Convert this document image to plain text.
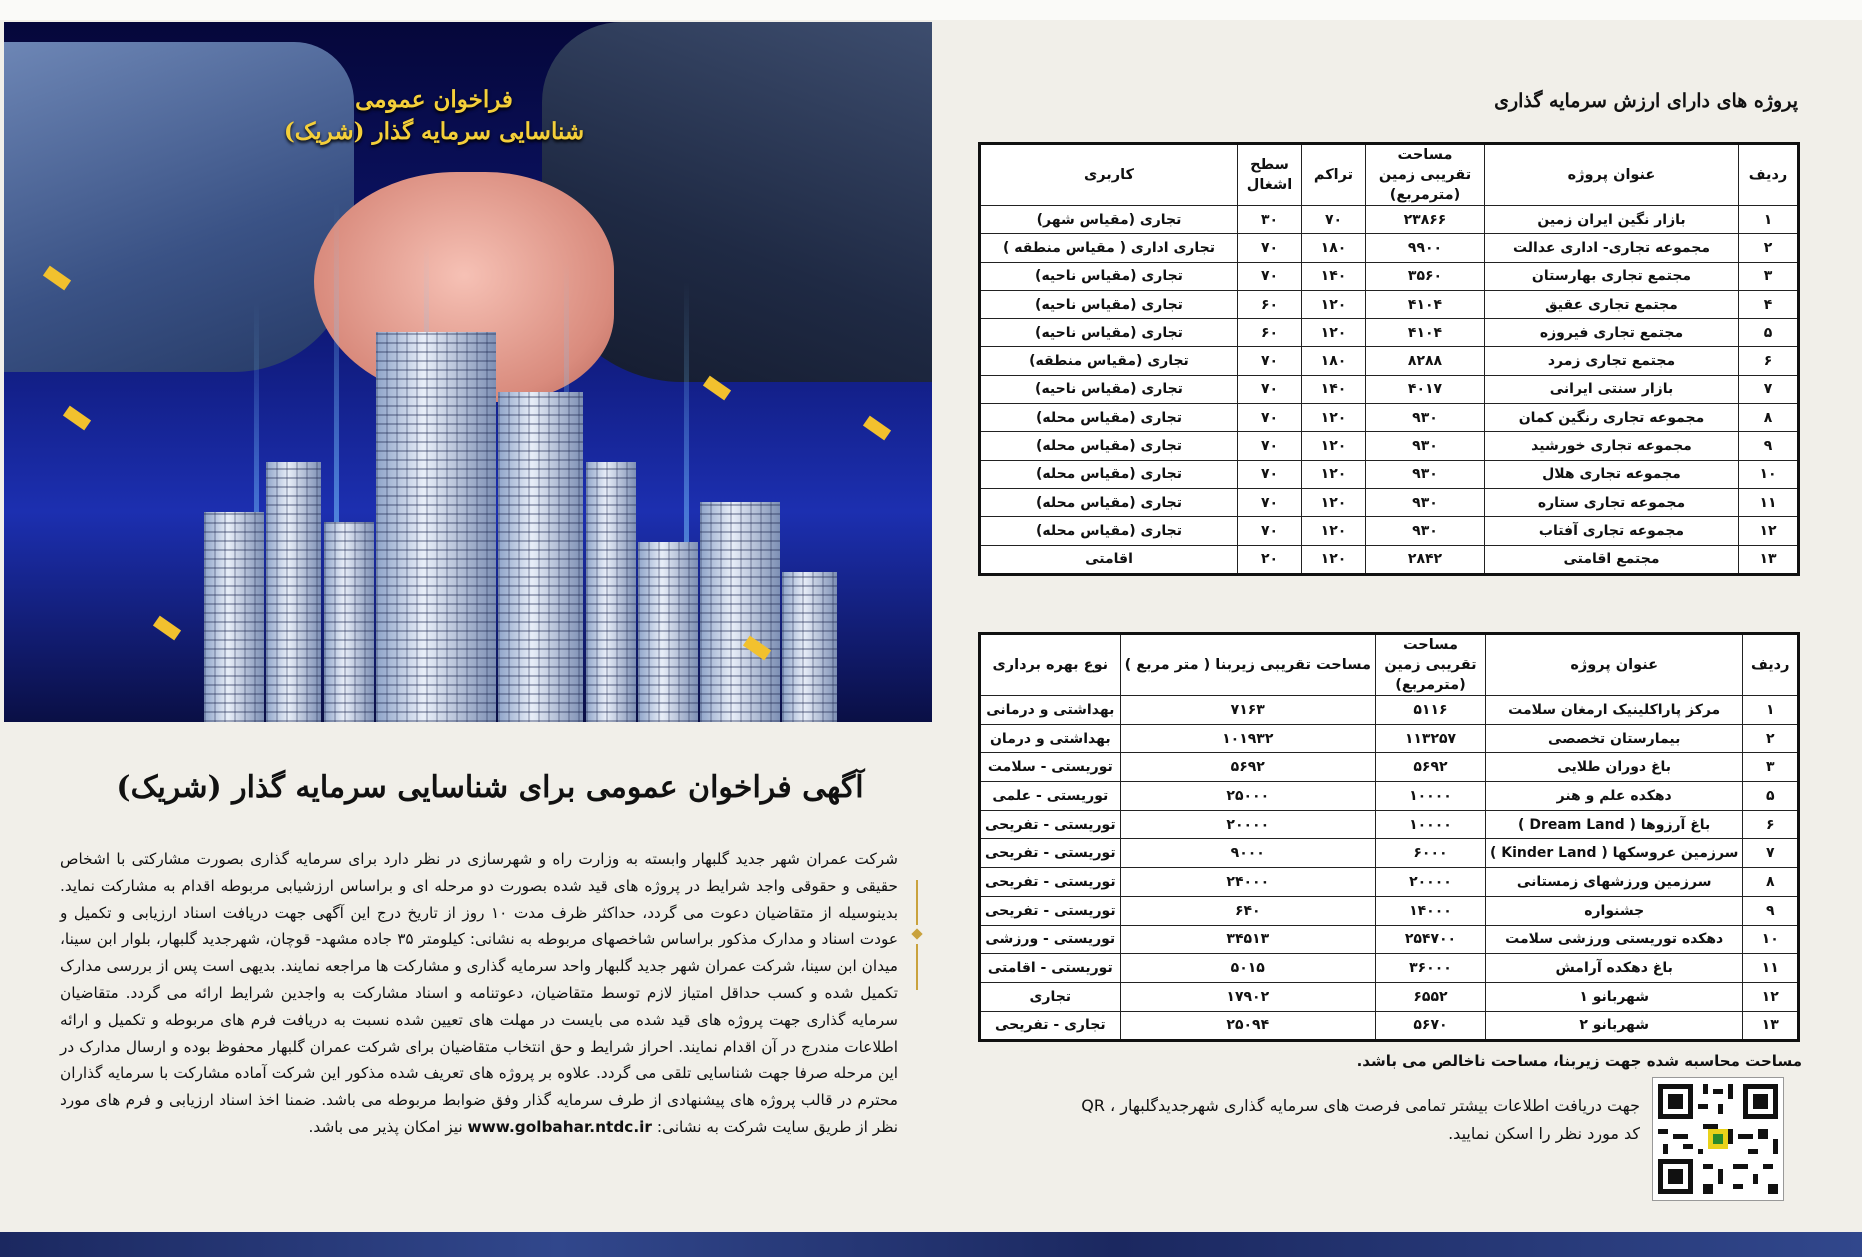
فراخوان عمومی
شناسایی سرمایه گذار (شریک)
آگهی فراخوان عمومی برای شناسایی سرمایه گذار (شریک)
شرکت عمران شهر جدید گلبهار وابسته به وزارت راه و شهرسازی در نظر دارد برای سرمایه گذاری بصورت مشارکتی با اشخاص حقیقی و حقوقی واجد شرایط در پروژه های قید شده بصورت دو مرحله ای و براساس ارزشیابی مربوطه اقدام به مشارکت نماید. بدینوسیله از متقاضیان دعوت می گردد، حداکثر ظرف مدت ۱۰ روز از تاریخ درج این آگهی جهت دریافت اسناد ارزیابی و تکمیل و عودت اسناد و مدارک مذکور براساس شاخصهای مربوطه به نشانی: کیلومتر ۳۵ جاده مشهد- قوچان، شهرجدید گلبهار، بلوار ابن سینا، میدان ابن سینا، شرکت عمران شهر جدید گلبهار واحد سرمایه گذاری و مشارکت ها مراجعه نمایند. بدیهی است پس از بررسی مدارک تکمیل شده و کسب حداقل امتیاز لازم توسط متقاضیان، دعوتنامه و اسناد مشارکت به واجدین شرایط ارائه می گردد. متقاضیان سرمایه گذاری جهت پروژه های قید شده می بایست در مهلت های تعیین شده نسبت به دریافت فرم های مربوطه و تکمیل و ارائه اطلاعات مندرج در آن اقدام نمایند. احراز شرایط و حق انتخاب متقاضیان برای شرکت عمران گلبهار محفوظ بوده و ارسال مدارک در این مرحله صرفا جهت شناسایی تلقی می گردد. علاوه بر پروژه های تعریف شده مذکور این شرکت آماده مشارکت با سرمایه گذاران محترم در قالب پروژه های پیشنهادی از طرف سرمایه گذار وفق ضوابط مربوطه می باشد. ضمنا اخذ اسناد ارزیابی و فرم های مورد نظر از طریق سایت شرکت به نشانی: www.golbahar.ntdc.ir نیز امکان پذیر می باشد.
پروژه های دارای ارزش سرمایه گذاری
ردیف	عنوان پروژه	مساحت تقریبی زمین (مترمربع)	تراکم	سطح اشغال	کاربری
۱	بازار نگین ایران زمین	۲۳۸۶۶	۷۰	۳۰	تجاری (مقیاس شهر)
۲	مجموعه تجاری- اداری عدالت	۹۹۰۰	۱۸۰	۷۰	تجاری اداری ( مقیاس منطقه )
۳	مجتمع تجاری بهارستان	۳۵۶۰	۱۴۰	۷۰	تجاری (مقیاس ناحیه)
۴	مجتمع تجاری عقیق	۴۱۰۴	۱۲۰	۶۰	تجاری (مقیاس ناحیه)
۵	مجتمع تجاری فیروزه	۴۱۰۴	۱۲۰	۶۰	تجاری (مقیاس ناحیه)
۶	مجتمع تجاری زمرد	۸۲۸۸	۱۸۰	۷۰	تجاری (مقیاس منطقه)
۷	بازار سنتی ایرانی	۴۰۱۷	۱۴۰	۷۰	تجاری (مقیاس ناحیه)
۸	مجموعه تجاری رنگین کمان	۹۳۰	۱۲۰	۷۰	تجاری (مقیاس محله)
۹	مجموعه تجاری خورشید	۹۳۰	۱۲۰	۷۰	تجاری (مقیاس محله)
۱۰	مجموعه تجاری هلال	۹۳۰	۱۲۰	۷۰	تجاری (مقیاس محله)
۱۱	مجموعه تجاری ستاره	۹۳۰	۱۲۰	۷۰	تجاری (مقیاس محله)
۱۲	مجموعه تجاری آفتاب	۹۳۰	۱۲۰	۷۰	تجاری (مقیاس محله)
۱۳	مجتمع اقامتی	۲۸۴۲	۱۲۰	۲۰	اقامتی
ردیف	عنوان پروژه	مساحت تقریبی زمین (مترمربع)	مساحت تقریبی زیربنا ( متر مربع )	نوع بهره برداری
۱	مرکز پاراکلینیک ارمغان سلامت	۵۱۱۶	۷۱۶۳	بهداشتی و درمانی
۲	بیمارستان تخصصی	۱۱۳۲۵۷	۱۰۱۹۳۲	بهداشتی و درمان
۳	باغ دوران طلایی	۵۶۹۲	۵۶۹۲	توریستی - سلامت
۵	دهکده علم و هنر	۱۰۰۰۰	۲۵۰۰۰	توریستی - علمی
۶	باغ آرزوها ( Dream Land )	۱۰۰۰۰	۲۰۰۰۰	توریستی - تفریحی
۷	سرزمین عروسکها ( Kinder Land )	۶۰۰۰	۹۰۰۰	توریستی - تفریحی
۸	سرزمین ورزشهای زمستانی	۲۰۰۰۰	۲۴۰۰۰	توریستی - تفریحی
۹	جشنواره	۱۴۰۰۰	۶۴۰	توریستی - تفریحی
۱۰	دهکده توریستی ورزشی سلامت	۲۵۴۷۰۰	۳۴۵۱۳	توریستی - ورزشی
۱۱	باغ دهکده آرامش	۳۶۰۰۰	۵۰۱۵	توریستی - اقامتی
۱۲	شهربانو ۱	۶۵۵۲	۱۷۹۰۲	تجاری
۱۳	شهربانو ۲	۵۶۷۰	۲۵۰۹۴	تجاری - تفریحی
مساحت محاسبه شده جهت زیربنا، مساحت ناخالص می باشد.
جهت دریافت اطلاعات بیشتر تمامی فرصت های سرمایه گذاری شهرجدیدگلبهار ، QR کد مورد نظر را اسکن نمایید.
